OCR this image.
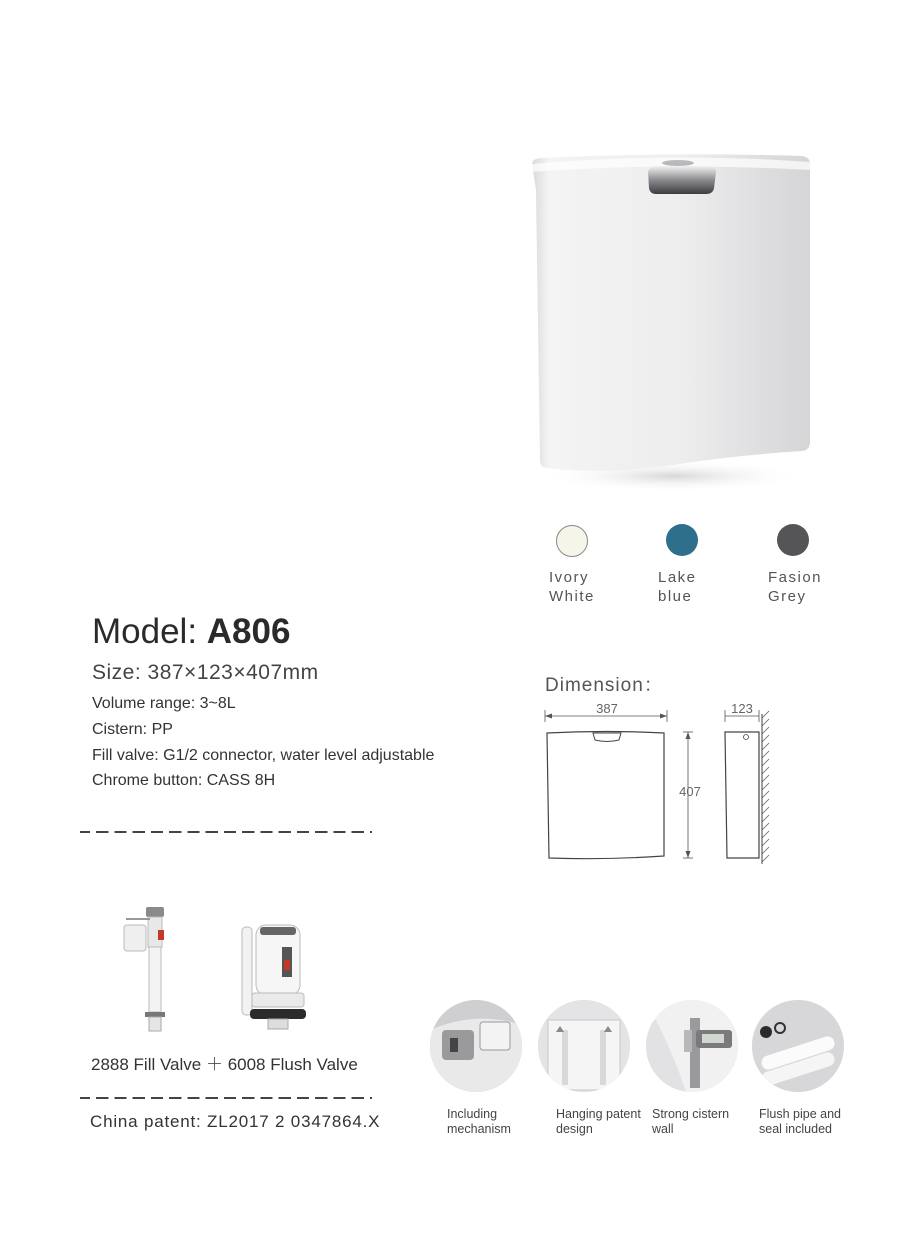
Ivory
White
Lake
blue
Fasion
Grey
Model: A806
Size: 387×123×407mm
Volume range: 3~8L
Cistern: PP
Fill valve: G1/2 connector, water level adjustable
Chrome button: CASS 8H
Dimension：
387
407
123
2888 Fill Valve ＋ 6008 Flush Valve
China patent: ZL2017 2 0347864.X	Including mechanism
Hanging patent design
Strong cistern wall
Flush pipe and seal included
